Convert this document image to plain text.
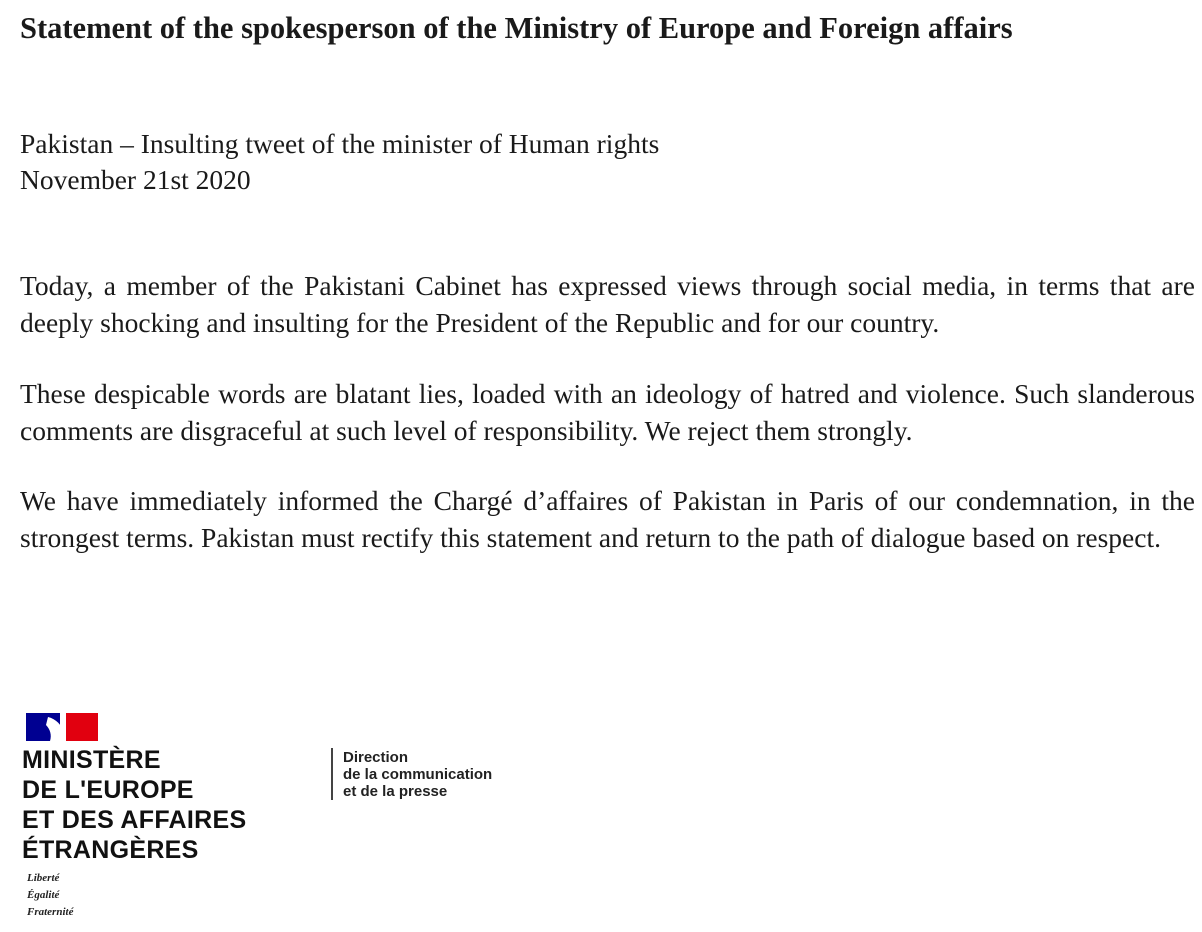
Statement of the spokesperson of the Ministry of Europe and Foreign affairs
Pakistan – Insulting tweet of the minister of Human rights
November 21st 2020

Today, a member of the Pakistani Cabinet has expressed views through social media, in terms that are deeply shocking and insulting for the President of the Republic and for our country.

These despicable words are blatant lies, loaded with an ideology of hatred and violence. Such slanderous comments are disgraceful at such level of responsibility. We reject them strongly.

We have immediately informed the Chargé d’affaires of Pakistan in Paris of our condemnation, in the strongest terms. Pakistan must rectify this statement and return to the path of dialogue based on respect.

MINISTÈRE
DE L'EUROPE
ET DES AFFAIRES
ÉTRANGÈRES
Liberté
Égalité
Fraternité
Direction
de la communication
et de la presse
